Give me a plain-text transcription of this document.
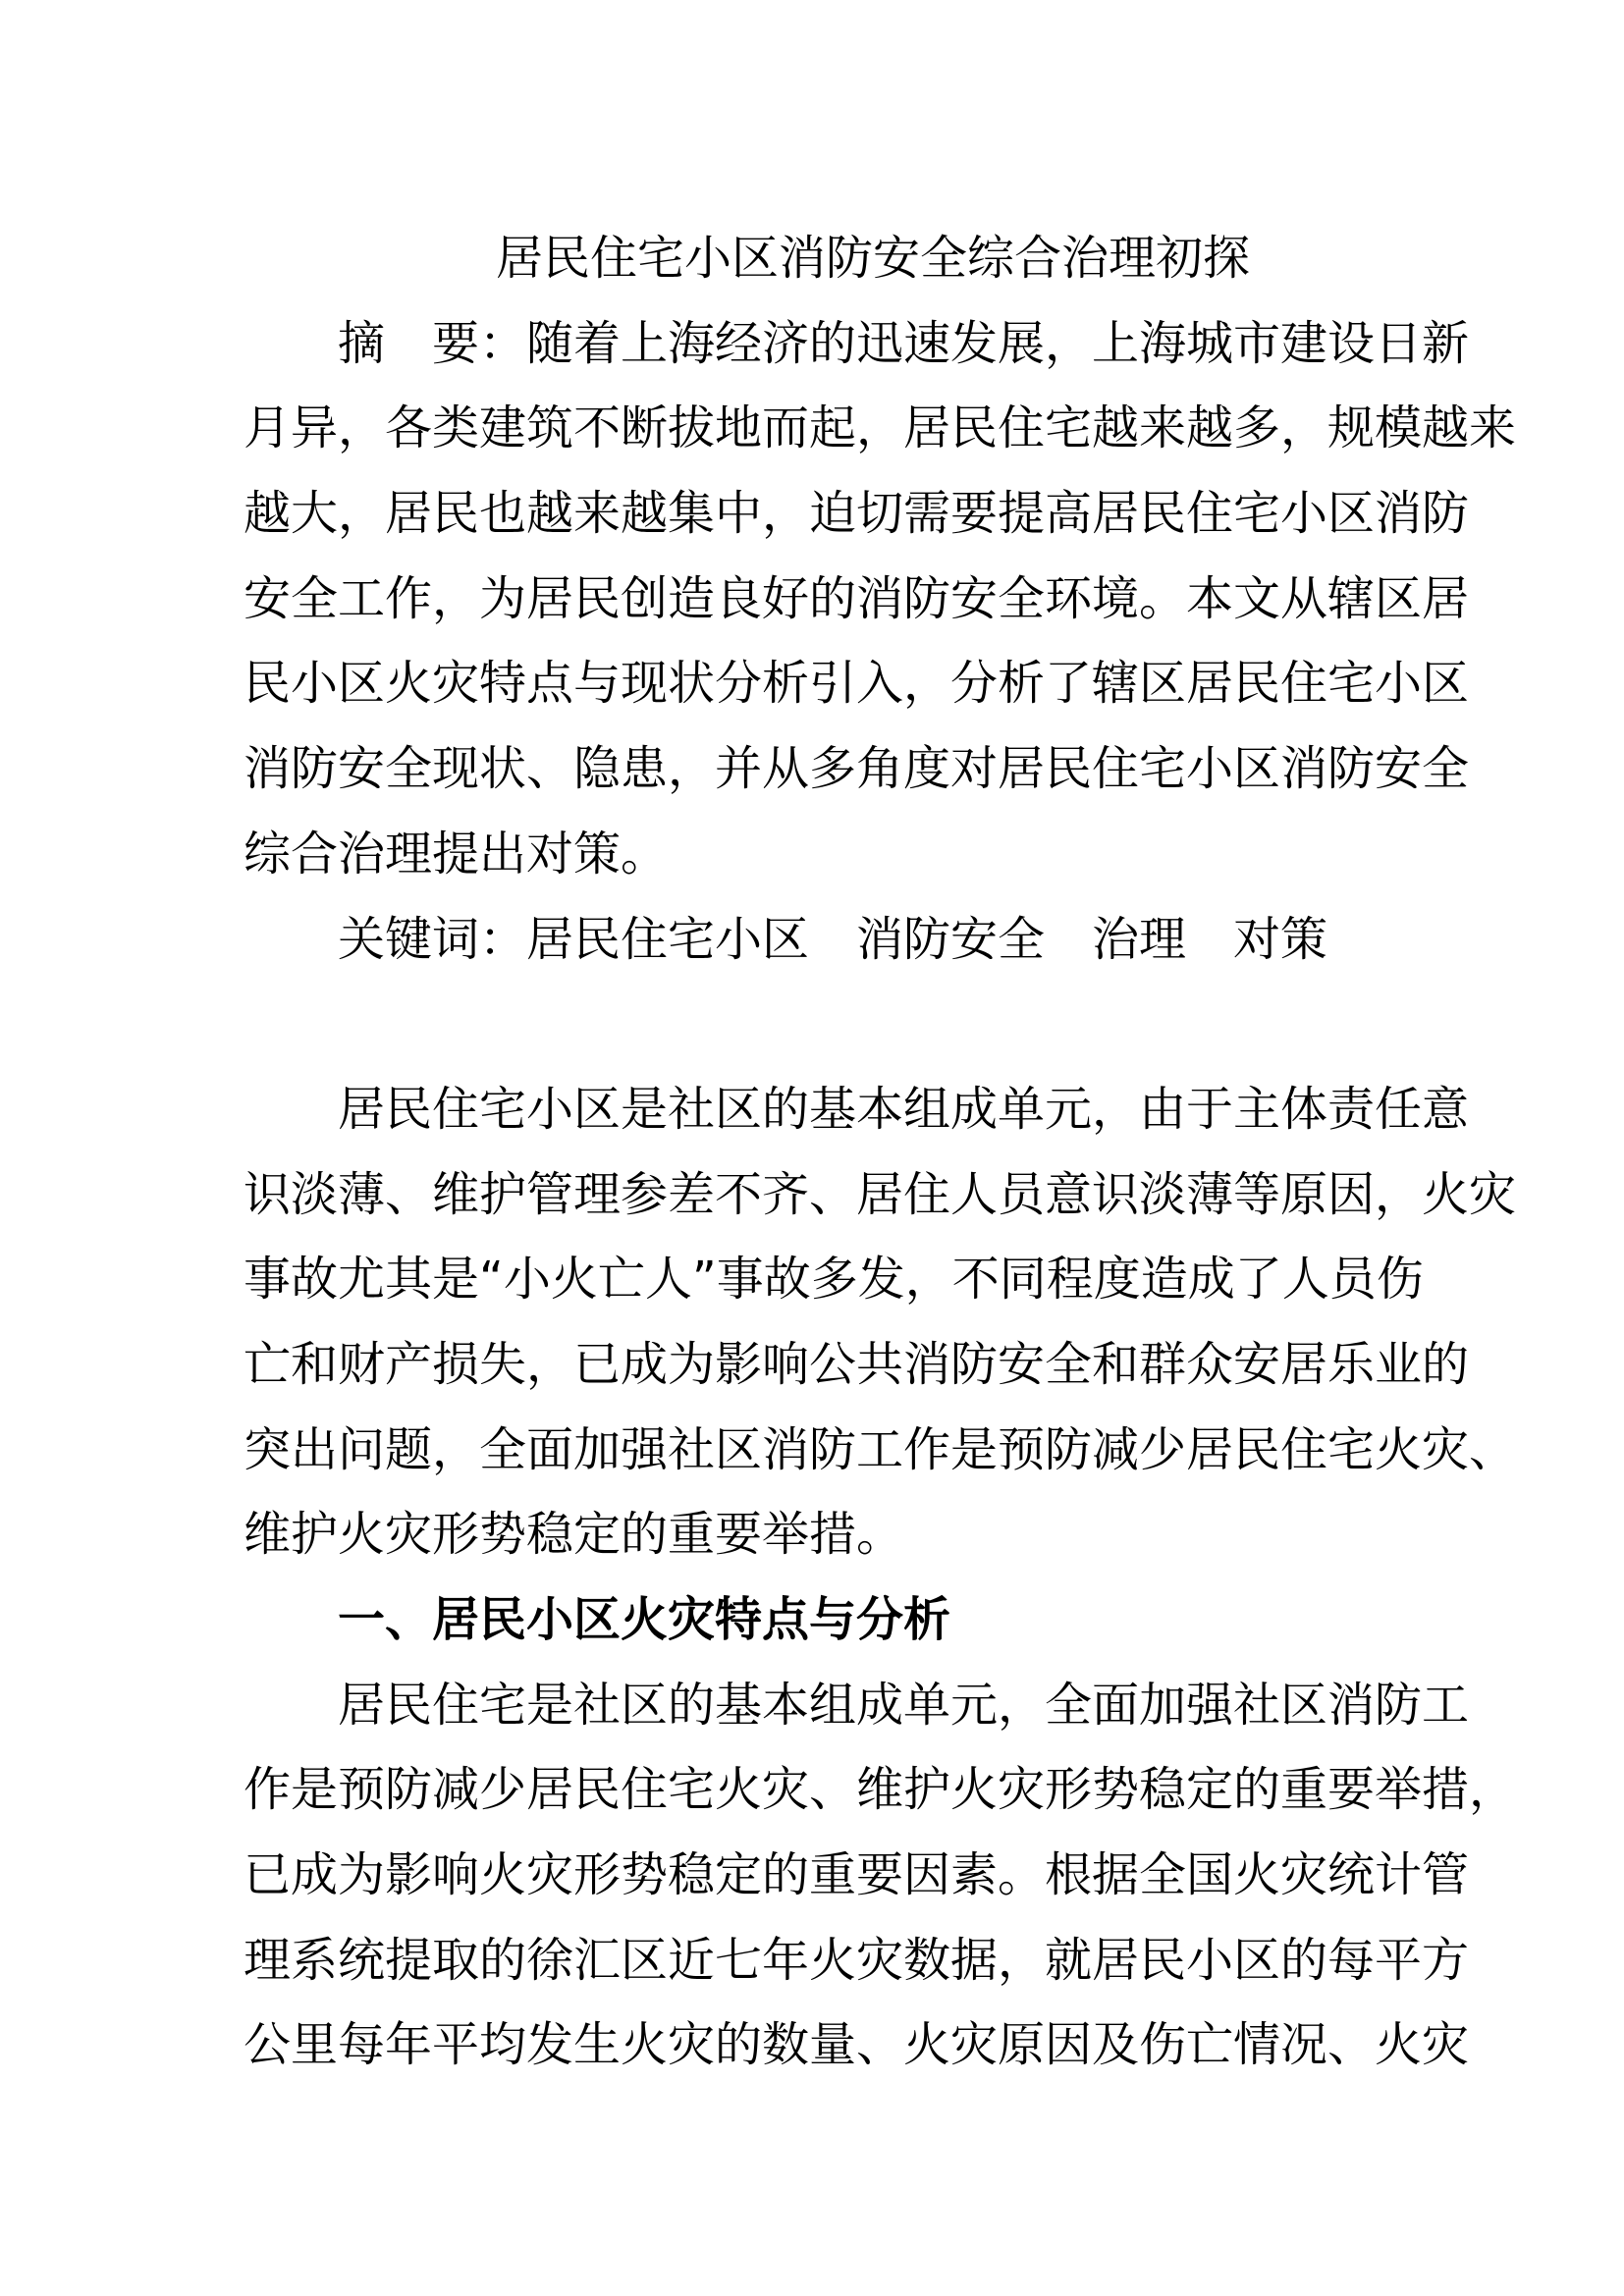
居民住宅小区消防安全综合治理初探
摘　要：随着上海经济的迅速发展，上海城市建设日新
月异，各类建筑不断拔地而起，居民住宅越来越多，规模越来
越大，居民也越来越集中，迫切需要提高居民住宅小区消防
安全工作，为居民创造良好的消防安全环境。本文从辖区居
民小区火灾特点与现状分析引入，分析了辖区居民住宅小区
消防安全现状、隐患，并从多角度对居民住宅小区消防安全
综合治理提出对策。
关键词：居民住宅小区　消防安全　治理　对策
居民住宅小区是社区的基本组成单元，由于主体责任意
识淡薄、维护管理参差不齐、居住人员意识淡薄等原因，火灾
事故尤其是“小火亡人”事故多发，不同程度造成了人员伤
亡和财产损失，已成为影响公共消防安全和群众安居乐业的
突出问题，全面加强社区消防工作是预防减少居民住宅火灾、
维护火灾形势稳定的重要举措。
一、居民小区火灾特点与分析
居民住宅是社区的基本组成单元，全面加强社区消防工
作是预防减少居民住宅火灾、维护火灾形势稳定的重要举措，
已成为影响火灾形势稳定的重要因素。根据全国火灾统计管
理系统提取的徐汇区近七年火灾数据，就居民小区的每平方
公里每年平均发生火灾的数量、火灾原因及伤亡情况、火灾
